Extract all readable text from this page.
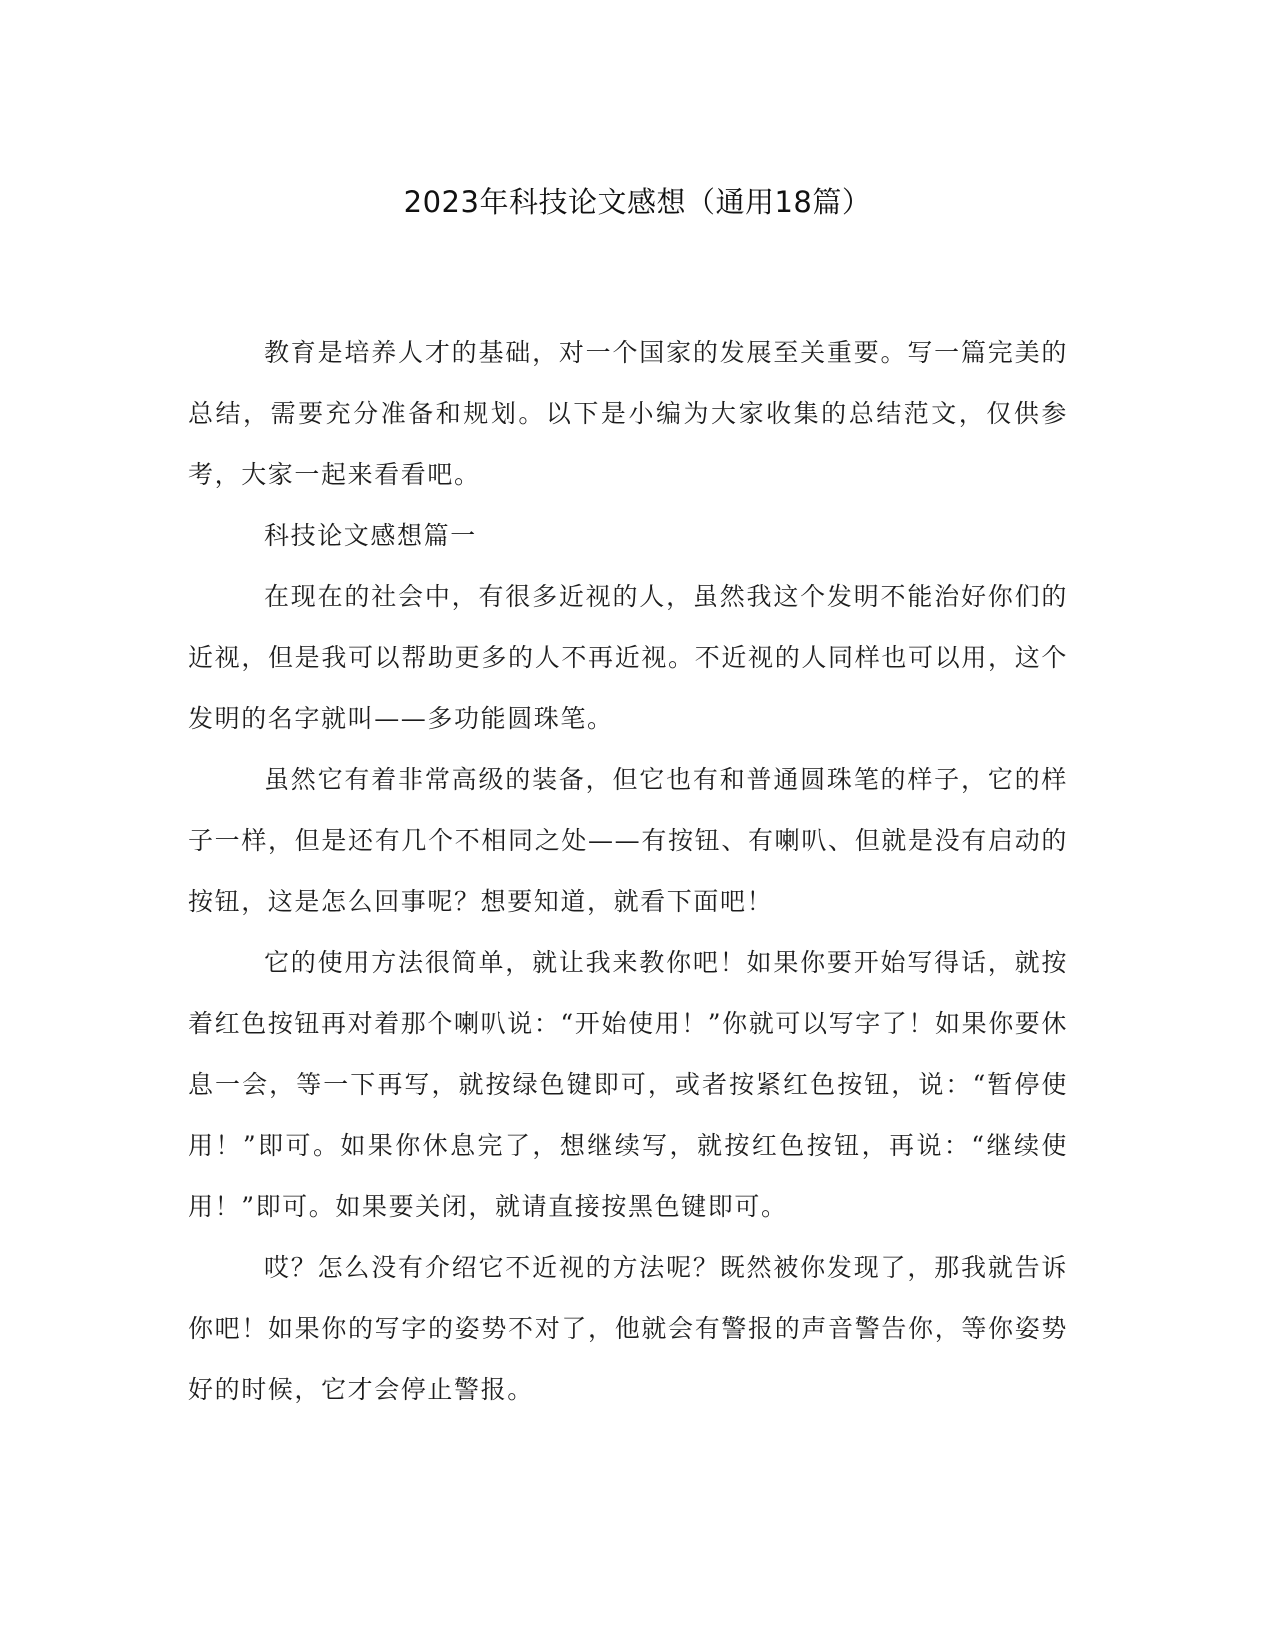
2023年科技论文感想（通用18篇）

教育是培养人才的基础，对一个国家的发展至关重要。写一篇完美的总结，需要充分准备和规划。以下是小编为大家收集的总结范文，仅供参考，大家一起来看看吧。

科技论文感想篇一

在现在的社会中，有很多近视的人，虽然我这个发明不能治好你们的近视，但是我可以帮助更多的人不再近视。不近视的人同样也可以用，这个发明的名字就叫——多功能圆珠笔。

虽然它有着非常高级的装备，但它也有和普通圆珠笔的样子，它的样子一样，但是还有几个不相同之处——有按钮、有喇叭、但就是没有启动的按钮，这是怎么回事呢？想要知道，就看下面吧！

它的使用方法很简单，就让我来教你吧！如果你要开始写得话，就按着红色按钮再对着那个喇叭说：“开始使用！”你就可以写字了！如果你要休息一会，等一下再写，就按绿色键即可，或者按紧红色按钮，说：“暂停使用！”即可。如果你休息完了，想继续写，就按红色按钮，再说：“继续使用！”即可。如果要关闭，就请直接按黑色键即可。

哎？怎么没有介绍它不近视的方法呢？既然被你发现了，那我就告诉你吧！如果你的写字的姿势不对了，他就会有警报的声音警告你，等你姿势好的时候，它才会停止警报。
